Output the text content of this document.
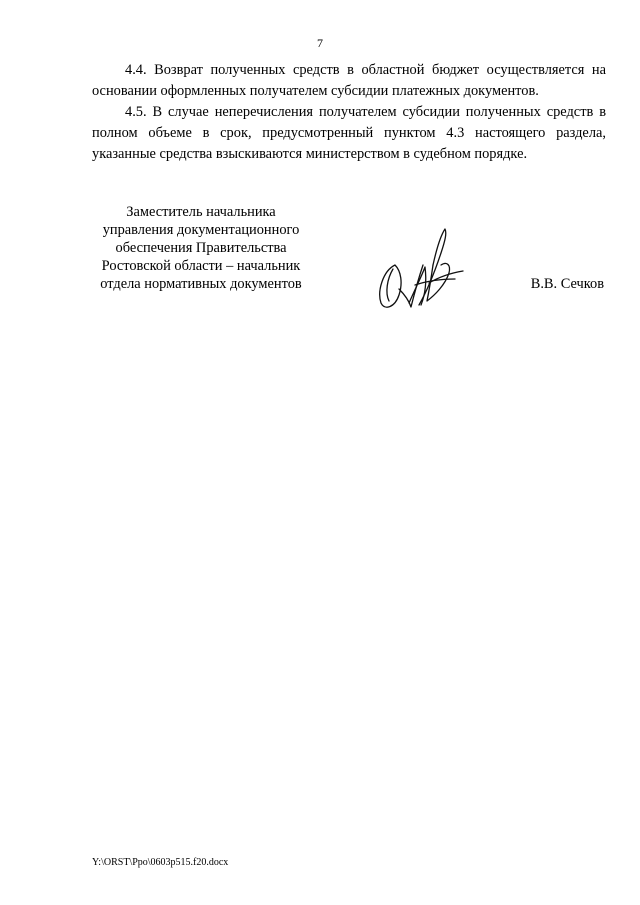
7

4.4. Возврат полученных средств в областной бюджет осуществляется на основании оформленных получателем субсидии платежных документов.

4.5. В случае неперечисления получателем субсидии полученных средств в полном объеме в срок, предусмотренный пунктом 4.3 настоящего раздела, указанные средства взыскиваются министерством в судебном порядке.

Заместитель начальника
управления документационного
обеспечения Правительства
Ростовской области – начальник
отдела нормативных документов	В.В. Сечков
Y:\ORST\Ppo\0603p515.f20.docx
